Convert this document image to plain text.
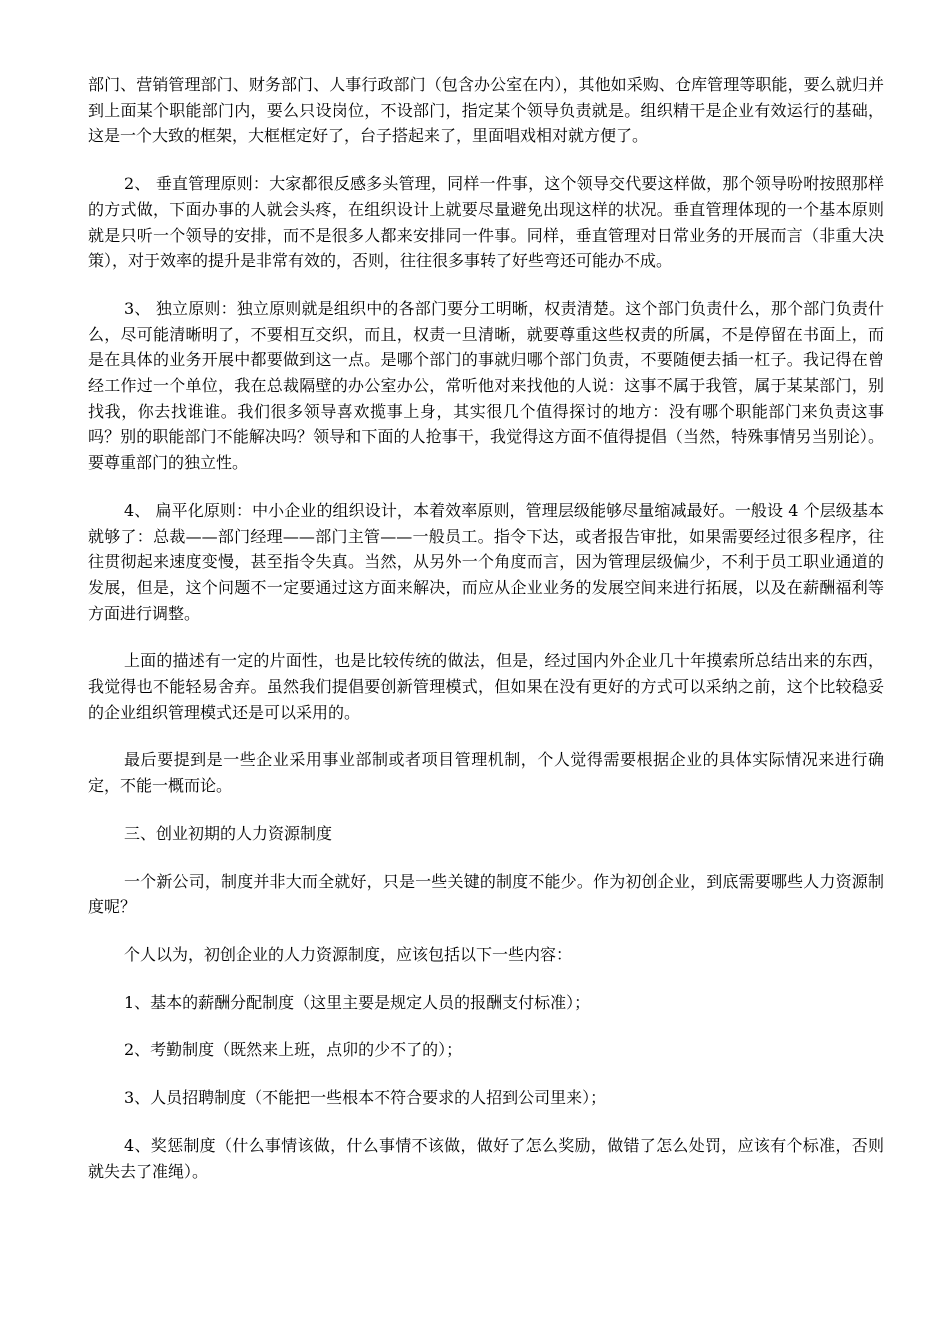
部门、营销管理部门、财务部门、人事行政部门（包含办公室在内），其他如采购、仓库管理等职能，要么就归并到上面某个职能部门内，要么只设岗位，不设部门，指定某个领导负责就是。组织精干是企业有效运行的基础，这是一个大致的框架，大框框定好了，台子搭起来了，里面唱戏相对就方便了。

2、 垂直管理原则：大家都很反感多头管理，同样一件事，这个领导交代要这样做，那个领导吩咐按照那样的方式做，下面办事的人就会头疼，在组织设计上就要尽量避免出现这样的状况。垂直管理体现的一个基本原则就是只听一个领导的安排，而不是很多人都来安排同一件事。同样，垂直管理对日常业务的开展而言（非重大决策），对于效率的提升是非常有效的，否则，往往很多事转了好些弯还可能办不成。

3、 独立原则：独立原则就是组织中的各部门要分工明晰，权责清楚。这个部门负责什么，那个部门负责什么，尽可能清晰明了，不要相互交织，而且，权责一旦清晰，就要尊重这些权责的所属，不是停留在书面上，而是在具体的业务开展中都要做到这一点。是哪个部门的事就归哪个部门负责，不要随便去插一杠子。我记得在曾经工作过一个单位，我在总裁隔壁的办公室办公，常听他对来找他的人说：这事不属于我管，属于某某部门，别找我，你去找谁谁。我们很多领导喜欢揽事上身，其实很几个值得探讨的地方：没有哪个职能部门来负责这事吗？别的职能部门不能解决吗？领导和下面的人抢事干，我觉得这方面不值得提倡（当然，特殊事情另当别论）。要尊重部门的独立性。

4、 扁平化原则：中小企业的组织设计，本着效率原则，管理层级能够尽量缩减最好。一般设 4 个层级基本就够了：总裁——部门经理——部门主管——一般员工。指令下达，或者报告审批，如果需要经过很多程序，往往贯彻起来速度变慢，甚至指令失真。当然，从另外一个角度而言，因为管理层级偏少，不利于员工职业通道的发展，但是，这个问题不一定要通过这方面来解决，而应从企业业务的发展空间来进行拓展，以及在薪酬福利等方面进行调整。

上面的描述有一定的片面性，也是比较传统的做法，但是，经过国内外企业几十年摸索所总结出来的东西，我觉得也不能轻易舍弃。虽然我们提倡要创新管理模式，但如果在没有更好的方式可以采纳之前，这个比较稳妥的企业组织管理模式还是可以采用的。

最后要提到是一些企业采用事业部制或者项目管理机制，个人觉得需要根据企业的具体实际情况来进行确定，不能一概而论。

三、创业初期的人力资源制度

一个新公司，制度并非大而全就好，只是一些关键的制度不能少。作为初创企业，到底需要哪些人力资源制度呢？

个人以为，初创企业的人力资源制度，应该包括以下一些内容：

1、基本的薪酬分配制度（这里主要是规定人员的报酬支付标准）；

2、考勤制度（既然来上班，点卯的少不了的）；

3、人员招聘制度（不能把一些根本不符合要求的人招到公司里来）；

4、奖惩制度（什么事情该做，什么事情不该做，做好了怎么奖励，做错了怎么处罚，应该有个标准，否则就失去了准绳）。
